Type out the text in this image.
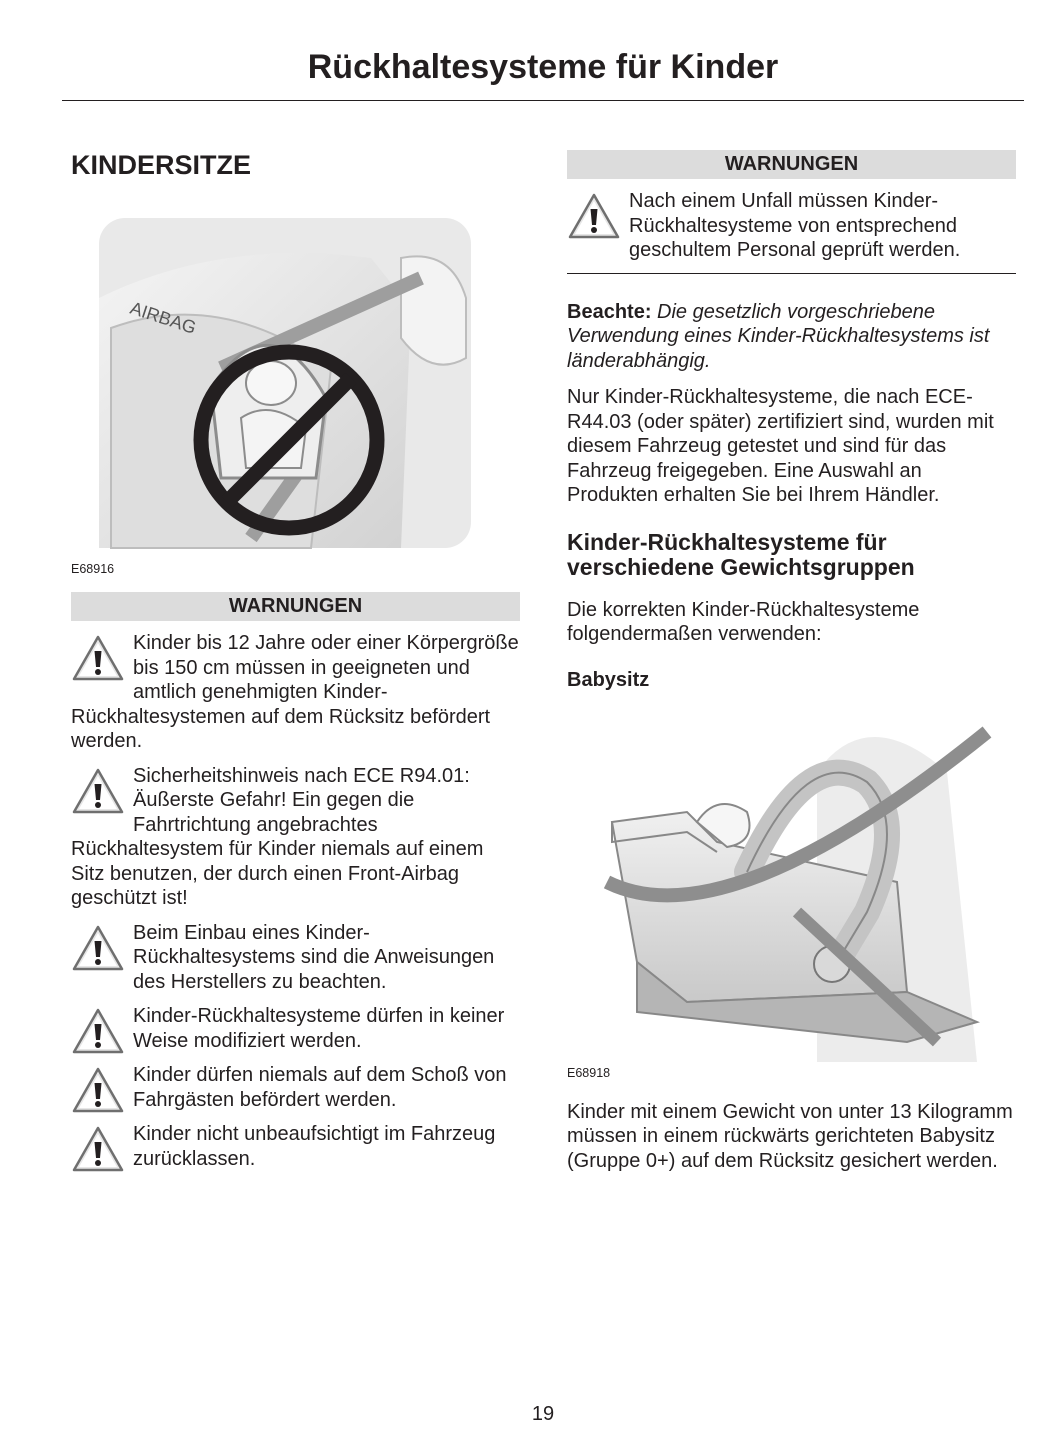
Rückhaltesysteme für Kinder
KINDERSITZE
AIRBAG
E68916
WARNUNGEN
Kinder bis 12 Jahre oder einer Körpergröße bis 150 cm müssen in geeigneten und amtlich genehmigten Kinder-Rückhaltesystemen auf dem Rücksitz befördert werden.
Sicherheitshinweis nach ECE R94.01: Äußerste Gefahr! Ein gegen die Fahrtrichtung angebrachtes Rückhaltesystem für Kinder niemals auf einem Sitz benutzen, der durch einen Front-Airbag geschützt ist!
Beim Einbau eines Kinder-Rückhaltesystems sind die Anweisungen des Herstellers zu beachten.
Kinder-Rückhaltesysteme dürfen in keiner Weise modifiziert werden.
Kinder dürfen niemals auf dem Schoß von Fahrgästen befördert werden.
Kinder nicht unbeaufsichtigt im Fahrzeug zurücklassen.
WARNUNGEN
Nach einem Unfall müssen Kinder-Rückhaltesysteme von entsprechend geschultem Personal geprüft werden.

Beachte: Die gesetzlich vorgeschriebene Verwendung eines Kinder-Rückhaltesystems ist länderabhängig.

Nur Kinder-Rückhaltesysteme, die nach ECE-R44.03 (oder später) zertifiziert sind, wurden mit diesem Fahrzeug getestet und sind für das Fahrzeug freigegeben. Eine Auswahl an Produkten erhalten Sie bei Ihrem Händler.

Kinder-Rückhaltesysteme für verschiedene Gewichtsgruppen

Die korrekten Kinder-Rückhaltesysteme folgendermaßen verwenden:

Babysitz
E68918

Kinder mit einem Gewicht von unter 13 Kilogramm müssen in einem rückwärts gerichteten Babysitz (Gruppe 0+) auf dem Rücksitz gesichert werden.

19
